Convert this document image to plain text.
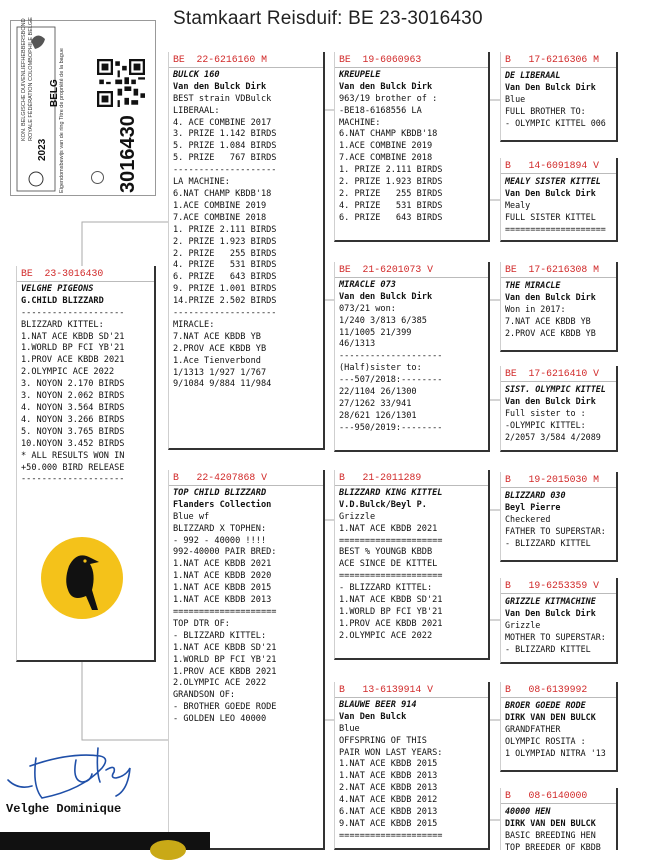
Stamkaart Reisduif: BE 23-3016430
KON. BELGISCHE DUIVENLIEFHEBBERSBOND ROYALE FÉDÉRATION COLOMBOPHILE BELGE
2023
BELG Eigendomsbewijs van de ring Titre de propriété de la bague	3016430
BE  23-3016430
VELGHE PIGEONS
G.CHILD BLIZZARD
--------------------
BLIZZARD KITTEL:
1.NAT ACE KBDB SD'21
1.WORLD BP FCI YB'21
1.PROV ACE KBDB 2021
2.OLYMPIC ACE 2022
3. NOYON 2.170 BIRDS
3. NOYON 2.062 BIRDS
4. NOYON 3.564 BIRDS
4. NOYON 3.266 BIRDS
5. NOYON 3.765 BIRDS
10.NOYON 3.452 BIRDS
* ALL RESULTS WON IN
+50.000 BIRD RELEASE
--------------------
BE  22-6216160 M
BULCK 160
Van den Bulck Dirk
BEST strain VDBulck
LIBERAAL:
4. ACE COMBINE 2017
3. PRIZE 1.142 BIRDS
5. PRIZE 1.084 BIRDS
5. PRIZE   767 BIRDS
--------------------
LA MACHINE:
6.NAT CHAMP KBDB'18
1.ACE COMBINE 2019
7.ACE COMBINE 2018
1. PRIZE 2.111 BIRDS
2. PRIZE 1.923 BIRDS
2. PRIZE   255 BIRDS
4. PRIZE   531 BIRDS
6. PRIZE   643 BIRDS
9. PRIZE 1.001 BIRDS
14.PRIZE 2.502 BIRDS
--------------------
MIRACLE:
7.NAT ACE KBDB YB
2.PROV ACE KBDB YB
1.Ace Tienverbond
1/1313 1/927 1/767
9/1084 9/884 11/984
B   22-4207868 V
TOP CHILD BLIZZARD
Flanders Collection
Blue wf
BLIZZARD X TOPHEN:
- 992 - 40000 !!!!
992-40000 PAIR BRED:
1.NAT ACE KBDB 2021
1.NAT ACE KBDB 2020
1.NAT ACE KBDB 2015
1.NAT ACE KBDB 2013
====================
TOP DTR OF:
- BLIZZARD KITTEL:
1.NAT ACE KBDB SD'21
1.WORLD BP FCI YB'21
1.PROV ACE KBDB 2021
2.OLYMPIC ACE 2022
GRANDSON OF:
- BROTHER GOEDE RODE
- GOLDEN LEO 40000
BE  19-6060963
KREUPELE
Van den Bulck Dirk
963/19 brother of :
-BE18-6168556 LA
MACHINE:
6.NAT CHAMP KBDB'18
1.ACE COMBINE 2019
7.ACE COMBINE 2018
1. PRIZE 2.111 BIRDS
2. PRIZE 1.923 BIRDS
2. PRIZE   255 BIRDS
4. PRIZE   531 BIRDS
6. PRIZE   643 BIRDS
BE  21-6201073 V
MIRACLE 073
Van den Bulck Dirk
073/21 won:
1/240 3/813 6/385
11/1005 21/399
46/1313
--------------------
(Half)sister to:
---507/2018:--------
22/1104 26/1300
27/1262 33/941
28/621 126/1301
---950/2019:--------
B   21-2011289
BLIZZARD KING KITTEL
V.D.Bulck/Beyl P.
Grizzle
1.NAT ACE KBDB 2021
====================
BEST % YOUNGB KBDB
ACE SINCE DE KITTEL
====================
- BLIZZARD KITTEL:
1.NAT ACE KBDB SD'21
1.WORLD BP FCI YB'21
1.PROV ACE KBDB 2021
2.OLYMPIC ACE 2022
B   13-6139914 V
BLAUWE BEER 914
Van Den Bulck
Blue
OFFSPRING OF THIS
PAIR WON LAST YEARS:
1.NAT ACE KBDB 2015
1.NAT ACE KBDB 2013
2.NAT ACE KBDB 2013
4.NAT ACE KBDB 2012
6.NAT ACE KBDB 2013
9.NAT ACE KBDB 2015
====================
B   17-6216306 M
DE LIBERAAL
Van Den Bulck Dirk
Blue
FULL BROTHER TO:
- OLYMPIC KITTEL 006
B   14-6091894 V
MEALY SISTER KITTEL
Van Den Bulck Dirk
Mealy
FULL SISTER KITTEL
====================
BE  17-6216308 M
THE MIRACLE
Van den Bulck Dirk
Won in 2017:
7.NAT ACE KBDB YB
2.PROV ACE KBDB YB
BE  17-6216410 V
SIST. OLYMPIC KITTEL
Van den Bulck Dirk
Full sister to :
-OLYMPIC KITTEL:
2/2057 3/584 4/2089
B   19-2015030 M
BLIZZARD 030
Beyl Pierre
Checkered
FATHER TO SUPERSTAR:
- BLIZZARD KITTEL
B   19-6253359 V
GRIZZLE KITMACHINE
Van Den Bulck Dirk
Grizzle
MOTHER TO SUPERSTAR:
- BLIZZARD KITTEL
B   08-6139992
BROER GOEDE RODE
DIRK VAN DEN BULCK
GRANDFATHER
OLYMPIC ROSITA :
1 OLYMPIAD NITRA '13
B   08-6140000
40000 HEN
DIRK VAN DEN BULCK
BASIC BREEDING HEN
TOP BREEDER OF KBDB
Velghe Dominique
